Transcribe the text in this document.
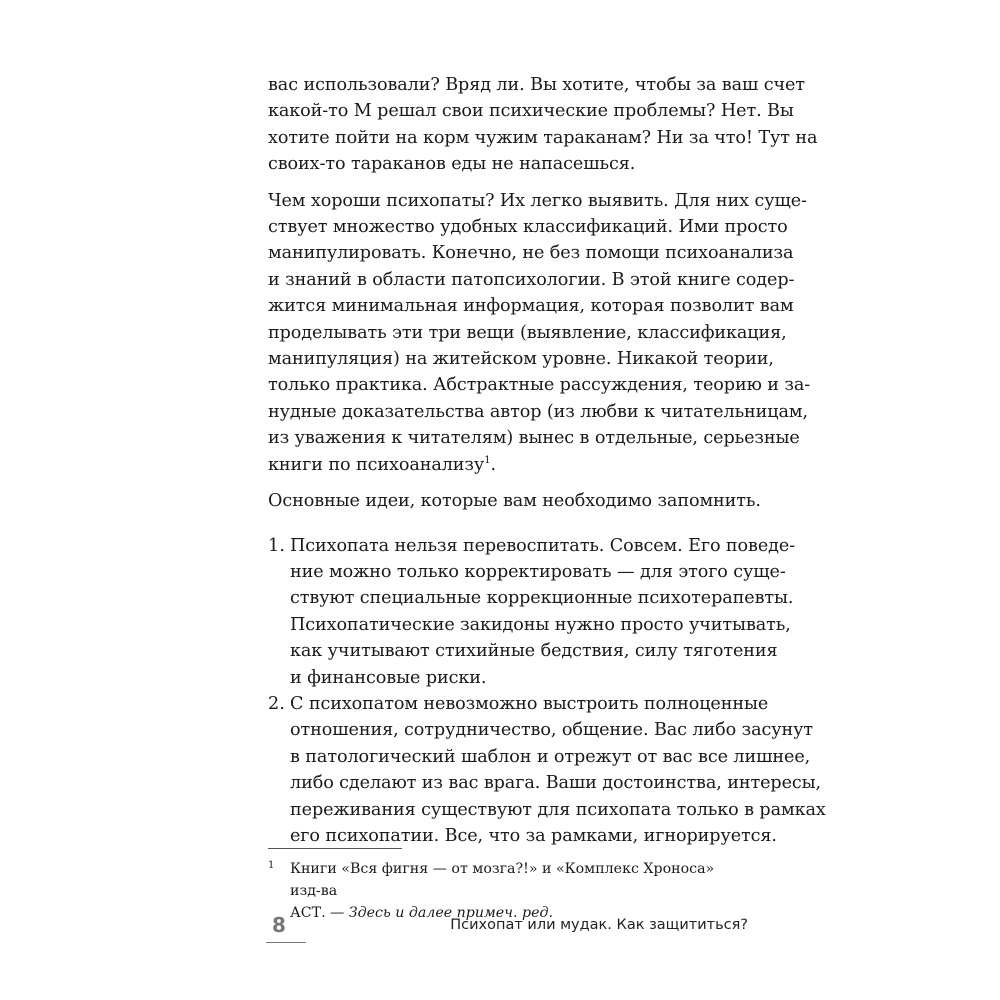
вас использовали? Вряд ли. Вы хотите, чтобы за ваш счет
какой-то М решал свои психические проблемы? Нет. Вы
хотите пойти на корм чужим тараканам? Ни за что! Тут на
своих-то тараканов еды не напасешься.
Чем хороши психопаты? Их легко выявить. Для них суще-
ствует множество удобных классификаций. Ими просто
манипулировать. Конечно, не без помощи психоанализа
и знаний в области патопсихологии. В этой книге содер-
жится минимальная информация, которая позволит вам
проделывать эти три вещи (выявление, классификация,
манипуляция) на житейском уровне. Никакой теории,
только практика. Абстрактные рассуждения, теорию и за-
нудные доказательства автор (из любви к читательницам,
из уважения к читателям) вынес в отдельные, серьезные
книги по психоанализу$^1$.
Основные идеи, которые вам необходимо запомнить.
1. Психопата нельзя перевоспитать. Совсем. Его поведе-
ние можно только корректировать — для этого суще-
ствуют специальные коррекционные психотерапевты.
Психопатические закидоны нужно просто учитывать,
как учитывают стихийные бедствия, силу тяготения
и финансовые риски.
2. С психопатом невозможно выстроить полноценные
отношения, сотрудничество, общение. Вас либо засунут
в патологический шаблон и отрежут от вас все лишнее,
либо сделают из вас врага. Ваши достоинства, интересы,
переживания существуют для психопата только в рамках
его психопатии. Все, что за рамками, игнорируется.
1 Книги «Вся фигня — от мозга?!» и «Комплекс Хроноса» изд-ва
АСТ. — Здесь и далее примеч. ред.
8	Психопат или мудак. Как защититься?
